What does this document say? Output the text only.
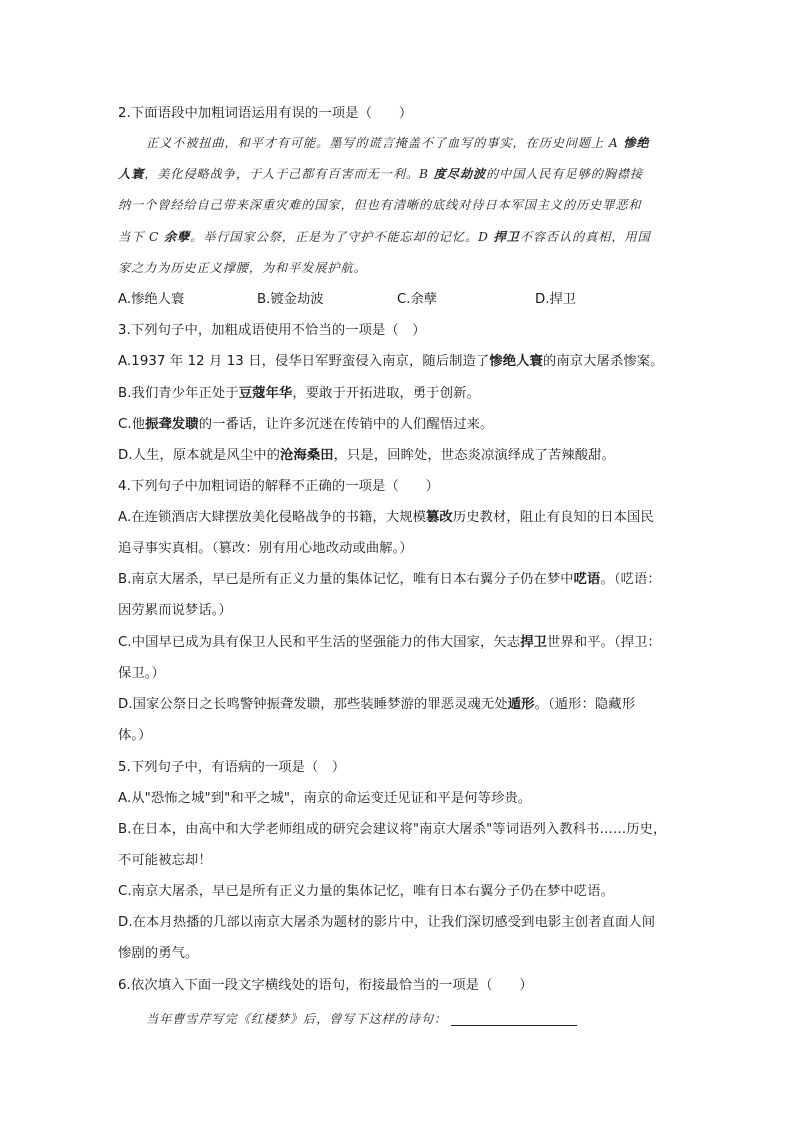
2.下面语段中加粗词语运用有误的一项是（　　）
正义不被扭曲，和平才有可能。墨写的谎言掩盖不了血写的事实，在历史问题上 A 惨绝
人寰，美化侵略战争，于人于己都有百害而无一利。B 度尽劫波的中国人民有足够的胸襟接
纳一个曾经给自己带来深重灾难的国家，但也有清晰的底线对待日本军国主义的历史罪恶和
当下 C 余孽。举行国家公祭，正是为了守护不能忘却的记忆。D 捍卫不容否认的真相，用国
家之力为历史正义撑腰，为和平发展护航。
A.惨绝人寰	B.镀金劫波	C.余孽	D.捍卫
3.下列句子中，加粗成语使用不恰当的一项是（　）
A.1937 年 12 月 13 日，侵华日军野蛮侵入南京，随后制造了惨绝人寰的南京大屠杀惨案。
B.我们青少年正处于豆蔻年华，要敢于开拓进取，勇于创新。
C.他振聋发聩的一番话，让许多沉迷在传销中的人们醒悟过来。
D.人生，原本就是风尘中的沧海桑田，只是，回眸处，世态炎凉演绎成了苦辣酸甜。
4.下列句子中加粗词语的解释不正确的一项是（　　）
A.在连锁酒店大肆摆放美化侵略战争的书籍，大规模篡改历史教材，阻止有良知的日本国民
追寻事实真相。（篡改：别有用心地改动或曲解。）
B.南京大屠杀，早已是所有正义力量的集体记忆，唯有日本右翼分子仍在梦中呓语。（呓语：
因劳累而说梦话。）
C.中国早已成为具有保卫人民和平生活的坚强能力的伟大国家，矢志捍卫世界和平。（捍卫：
保卫。）
D.国家公祭日之长鸣警钟振聋发聩，那些装睡梦游的罪恶灵魂无处遁形。（遁形：隐藏形
体。）
5.下列句子中，有语病的一项是（　）
A.从"恐怖之城"到"和平之城"，南京的命运变迁见证和平是何等珍贵。
B.在日本，由高中和大学老师组成的研究会建议将"南京大屠杀"等词语列入教科书……历史，
不可能被忘却！
C.南京大屠杀，早已是所有正义力量的集体记忆，唯有日本右翼分子仍在梦中呓语。
D.在本月热播的几部以南京大屠杀为题材的影片中，让我们深切感受到电影主创者直面人间
惨剧的勇气。
6.依次填入下面一段文字横线处的语句，衔接最恰当的一项是（　　）
当年曹雪芹写完《红楼梦》后，曾写下这样的诗句：
